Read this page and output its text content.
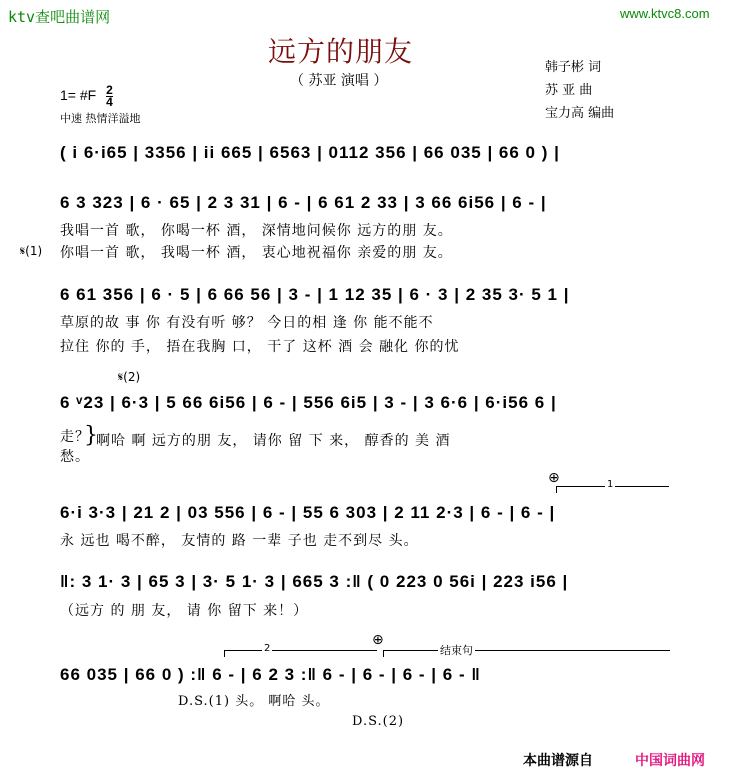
ktv查吧曲谱网	www.ktvc8.com
远方的朋友
（ 苏亚 演唱 ）
韩子彬 词
苏 亚 曲
宝力高 编曲
1= #F $\frac{2}{4}$
中速 热情洋溢地
( i 6·i65 | 3356 | ii 665 | 6563 | 0112 356 | 66 035 | 66 0 ) |
6 3 323 | 6 · 65 | 2 3 31 | 6 - | 6 61 2 33 | 3 66 6i56 | 6 - |
我唱一首 歌， 你喝一杯 酒， 深情地问候你 远方的朋 友。
𝄋(1) 你唱一首 歌， 我喝一杯 酒， 衷心地祝福你 亲爱的朋 友。
6 61 356 | 6 · 5 | 6 66 56 | 3 - | 1 12 35 | 6 · 3 | 2 35 3· 5 1 |
草原的故 事 你 有没有听 够？ 今日的相 逢 你 能不能不
拉住 你的 手， 捂在我胸 口， 干了 这杯 酒 会 融化 你的忧
𝄋(2)
6 ᵛ23 | 6·3 | 5 66 6i56 | 6 - | 556 6i5 | 3 - | 3 6·6 | 6·i56 6 |
走？
愁。
}
啊哈 啊 远方的朋 友， 请你 留 下 来， 醇香的 美 酒
⊕	1
6·i 3·3 | 21 2 | 03 556 | 6 - | 55 6 303 | 2 11 2·3 | 6 - | 6 - |
永 远也 喝不醉， 友情的 路 一辈 子也 走不到尽 头。
‖: 3 1· 3 | 65 3 | 3· 5 1· 3 | 665 3 :‖ ( 0 223 0 56i | 223 i56 |
（远方 的 朋 友， 请 你 留下 来！）
⊕
2	结束句
66 035 | 66 0 ) :‖ 6 - | 6 2 3 :‖ 6 - | 6 - | 6 - | 6 - ‖
D.S.(1) 头。 啊哈 头。
D.S.(2)
本曲谱源自	中国词曲网
